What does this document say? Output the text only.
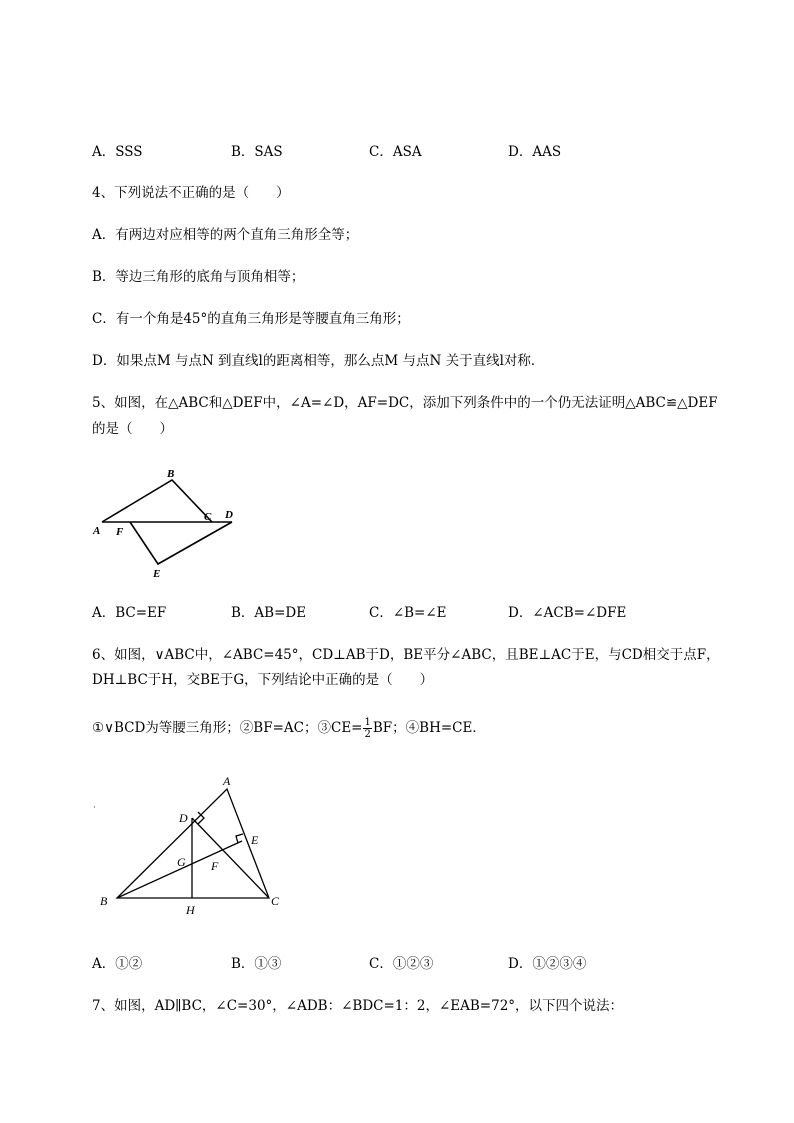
A．SSS	B．SAS	C．ASA	D．AAS
4、下列说法不正确的是（　　）
A．有两边对应相等的两个直角三角形全等；
B．等边三角形的底角与顶角相等；
C．有一个角是45°的直角三角形是等腰直角三角形；
D．如果点M 与点N 到直线l的距离相等，那么点M 与点N 关于直线l对称．
5、如图，在△ABC和△DEF中，∠A=∠D，AF=DC，添加下列条件中的一个仍无法证明△ABC≌△DEF
的是（　　）
A
B
C D
E
F
A．BC=EF	B．AB=DE	C．∠B=∠E	D．∠ACB=∠DFE
6、如图，∨ABC中，∠ABC=45°，CD⊥AB于D，BE平分∠ABC，且BE⊥AC于E，与CD相交于点F，
DH⊥BC于H，交BE于G，下列结论中正确的是（　　）
①∨BCD为等腰三角形；②BF=AC；③CE= $\frac{1}{2}$ BF；④BH=CE．
A
B	C
D
E
F
G
H
A．①②	B．①③	C．①②③	D．①②③④
7、如图，AD∥BC，∠C=30°，∠ADB：∠BDC=1：2，∠EAB=72°，以下四个说法：
